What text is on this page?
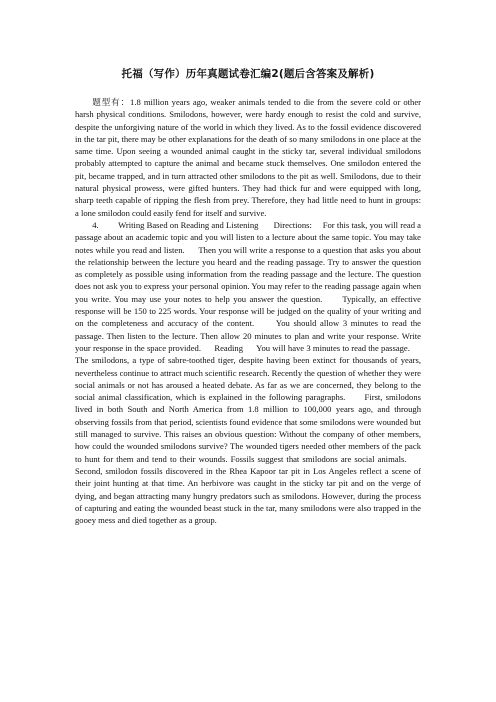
托福（写作）历年真题试卷汇编2(题后含答案及解析)

题型有：1.8 million years ago, weaker animals tended to die from the severe cold or other harsh physical conditions. Smilodons, however, were hardy enough to resist the cold and survive, despite the unforgiving nature of the world in which they lived. As to the fossil evidence discovered in the tar pit, there may be other explanations for the death of so many smilodons in one place at the same time. Upon seeing a wounded animal caught in the sticky tar, several individual smilodons probably attempted to capture the animal and became stuck themselves. One smilodon entered the pit, became trapped, and in turn attracted other smilodons to the pit as well. Smilodons, due to their natural physical prowess, were gifted hunters. They had thick fur and were equipped with long, sharp teeth capable of ripping the flesh from prey. Therefore, they had little need to hunt in groups: a lone smilodon could easily fend for itself and survive.

4.         Writing Based on Reading and Listening       Directions:     For this task, you will read a passage about an academic topic and you will listen to a lecture about the same topic. You may take notes while you read and listen.      Then you will write a response to a question that asks you about the relationship between the lecture you heard and the reading passage. Try to answer the question as completely as possible using information from the reading passage and the lecture. The question does not ask you to express your personal opinion. You may refer to the reading passage again when you write. You may use your notes to help you answer the question.      Typically, an effective response will be 150 to 225 words. Your response will be judged on the quality of your writing and on the completeness and accuracy of the content.      You should allow 3 minutes to read the passage. Then listen to the lecture. Then allow 20 minutes to plan and write your response. Write your response in the space provided.      Reading      You will have 3 minutes to read the passage.      The smilodons, a type of sabre-toothed tiger, despite having been extinct for thousands of years, nevertheless continue to attract much scientific research. Recently the question of whether they were social animals or not has aroused a heated debate. As far as we are concerned, they belong to the social animal classification, which is explained in the following paragraphs.      First, smilodons lived in both South and North America from 1.8 million to 100,000 years ago, and through observing fossils from that period, scientists found evidence that some smilodons were wounded but still managed to survive. This raises an obvious question: Without the company of other members, how could the wounded smilodons survive? The wounded tigers needed other members of the pack to hunt for them and tend to their wounds. Fossils suggest that smilodons are social animals.      Second, smilodon fossils discovered in the Rhea Kapoor tar pit in Los Angeles reflect a scene of their joint hunting at that time. An herbivore was caught in the sticky tar pit and on the verge of dying, and began attracting many hungry predators such as smilodons. However, during the process of capturing and eating the wounded beast stuck in the tar, many smilodons were also trapped in the gooey mess and died together as a group.
